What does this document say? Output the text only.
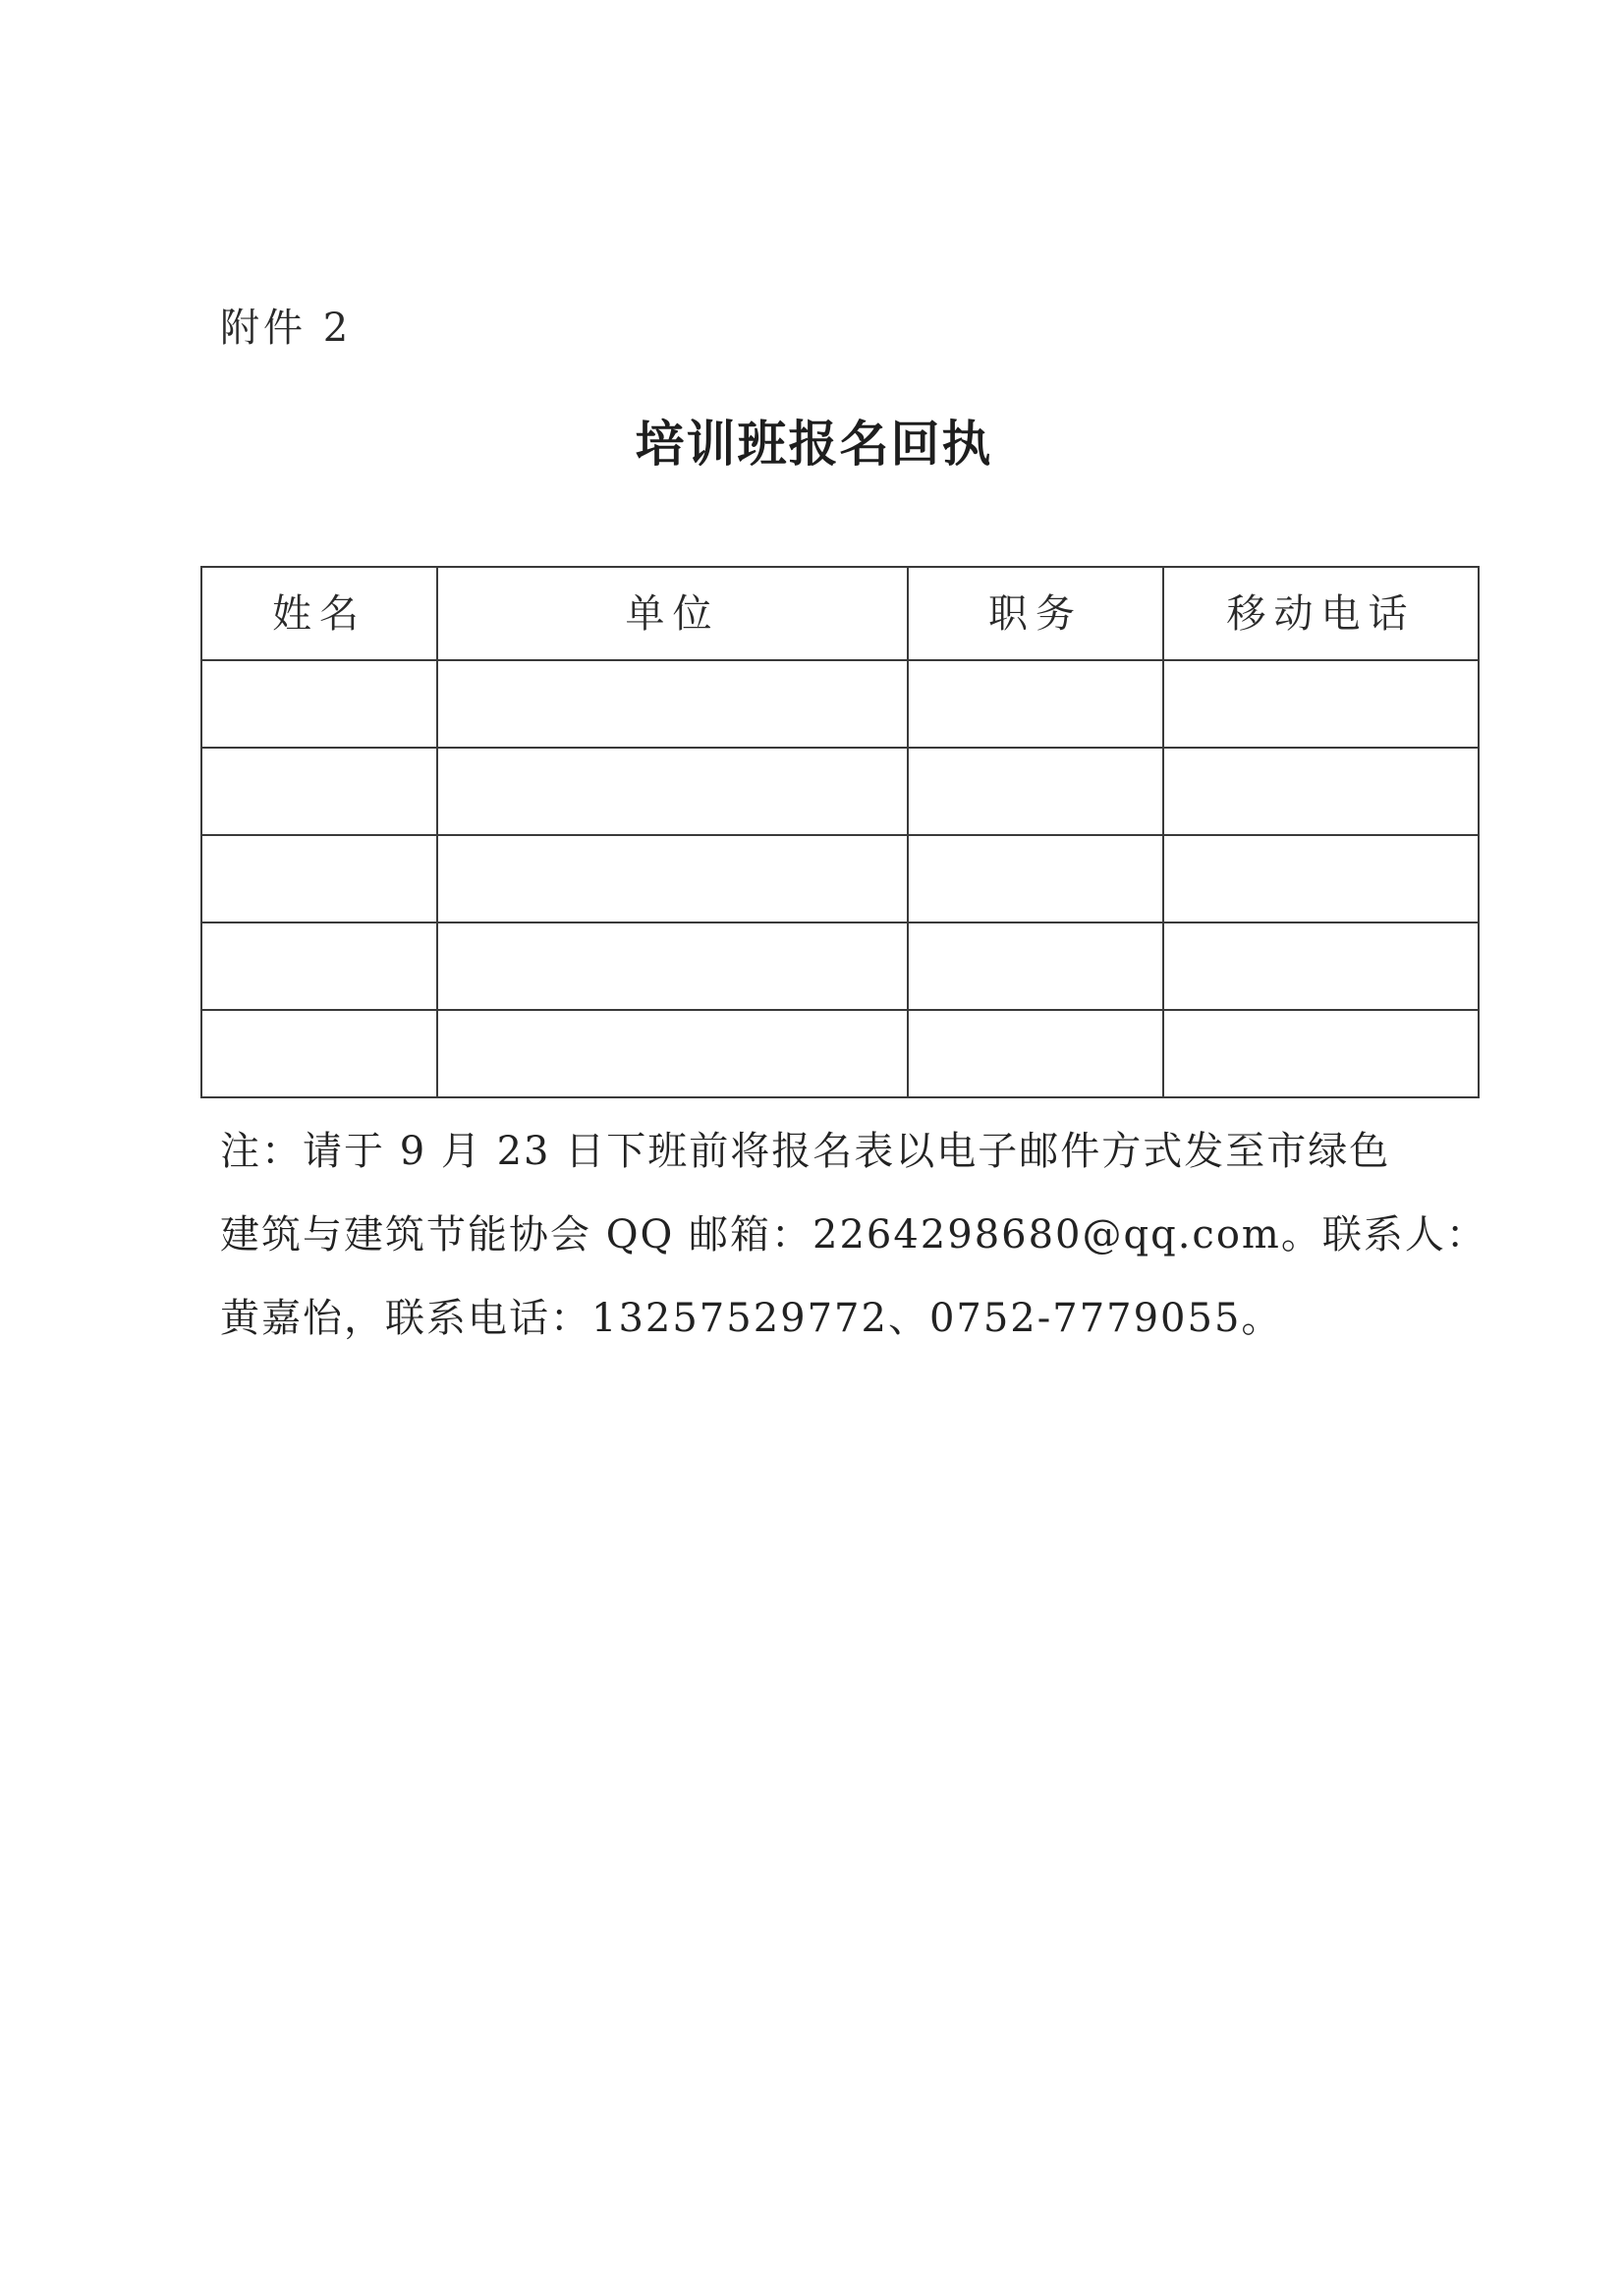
附件 2
培训班报名回执
姓名	单位	职务	移动电话

注：请于 9 月 23 日下班前将报名表以电子邮件方式发至市绿色
建筑与建筑节能协会 QQ 邮箱：2264298680@qq.com。联系人：
黄嘉怡，联系电话：13257529772、0752-7779055。
